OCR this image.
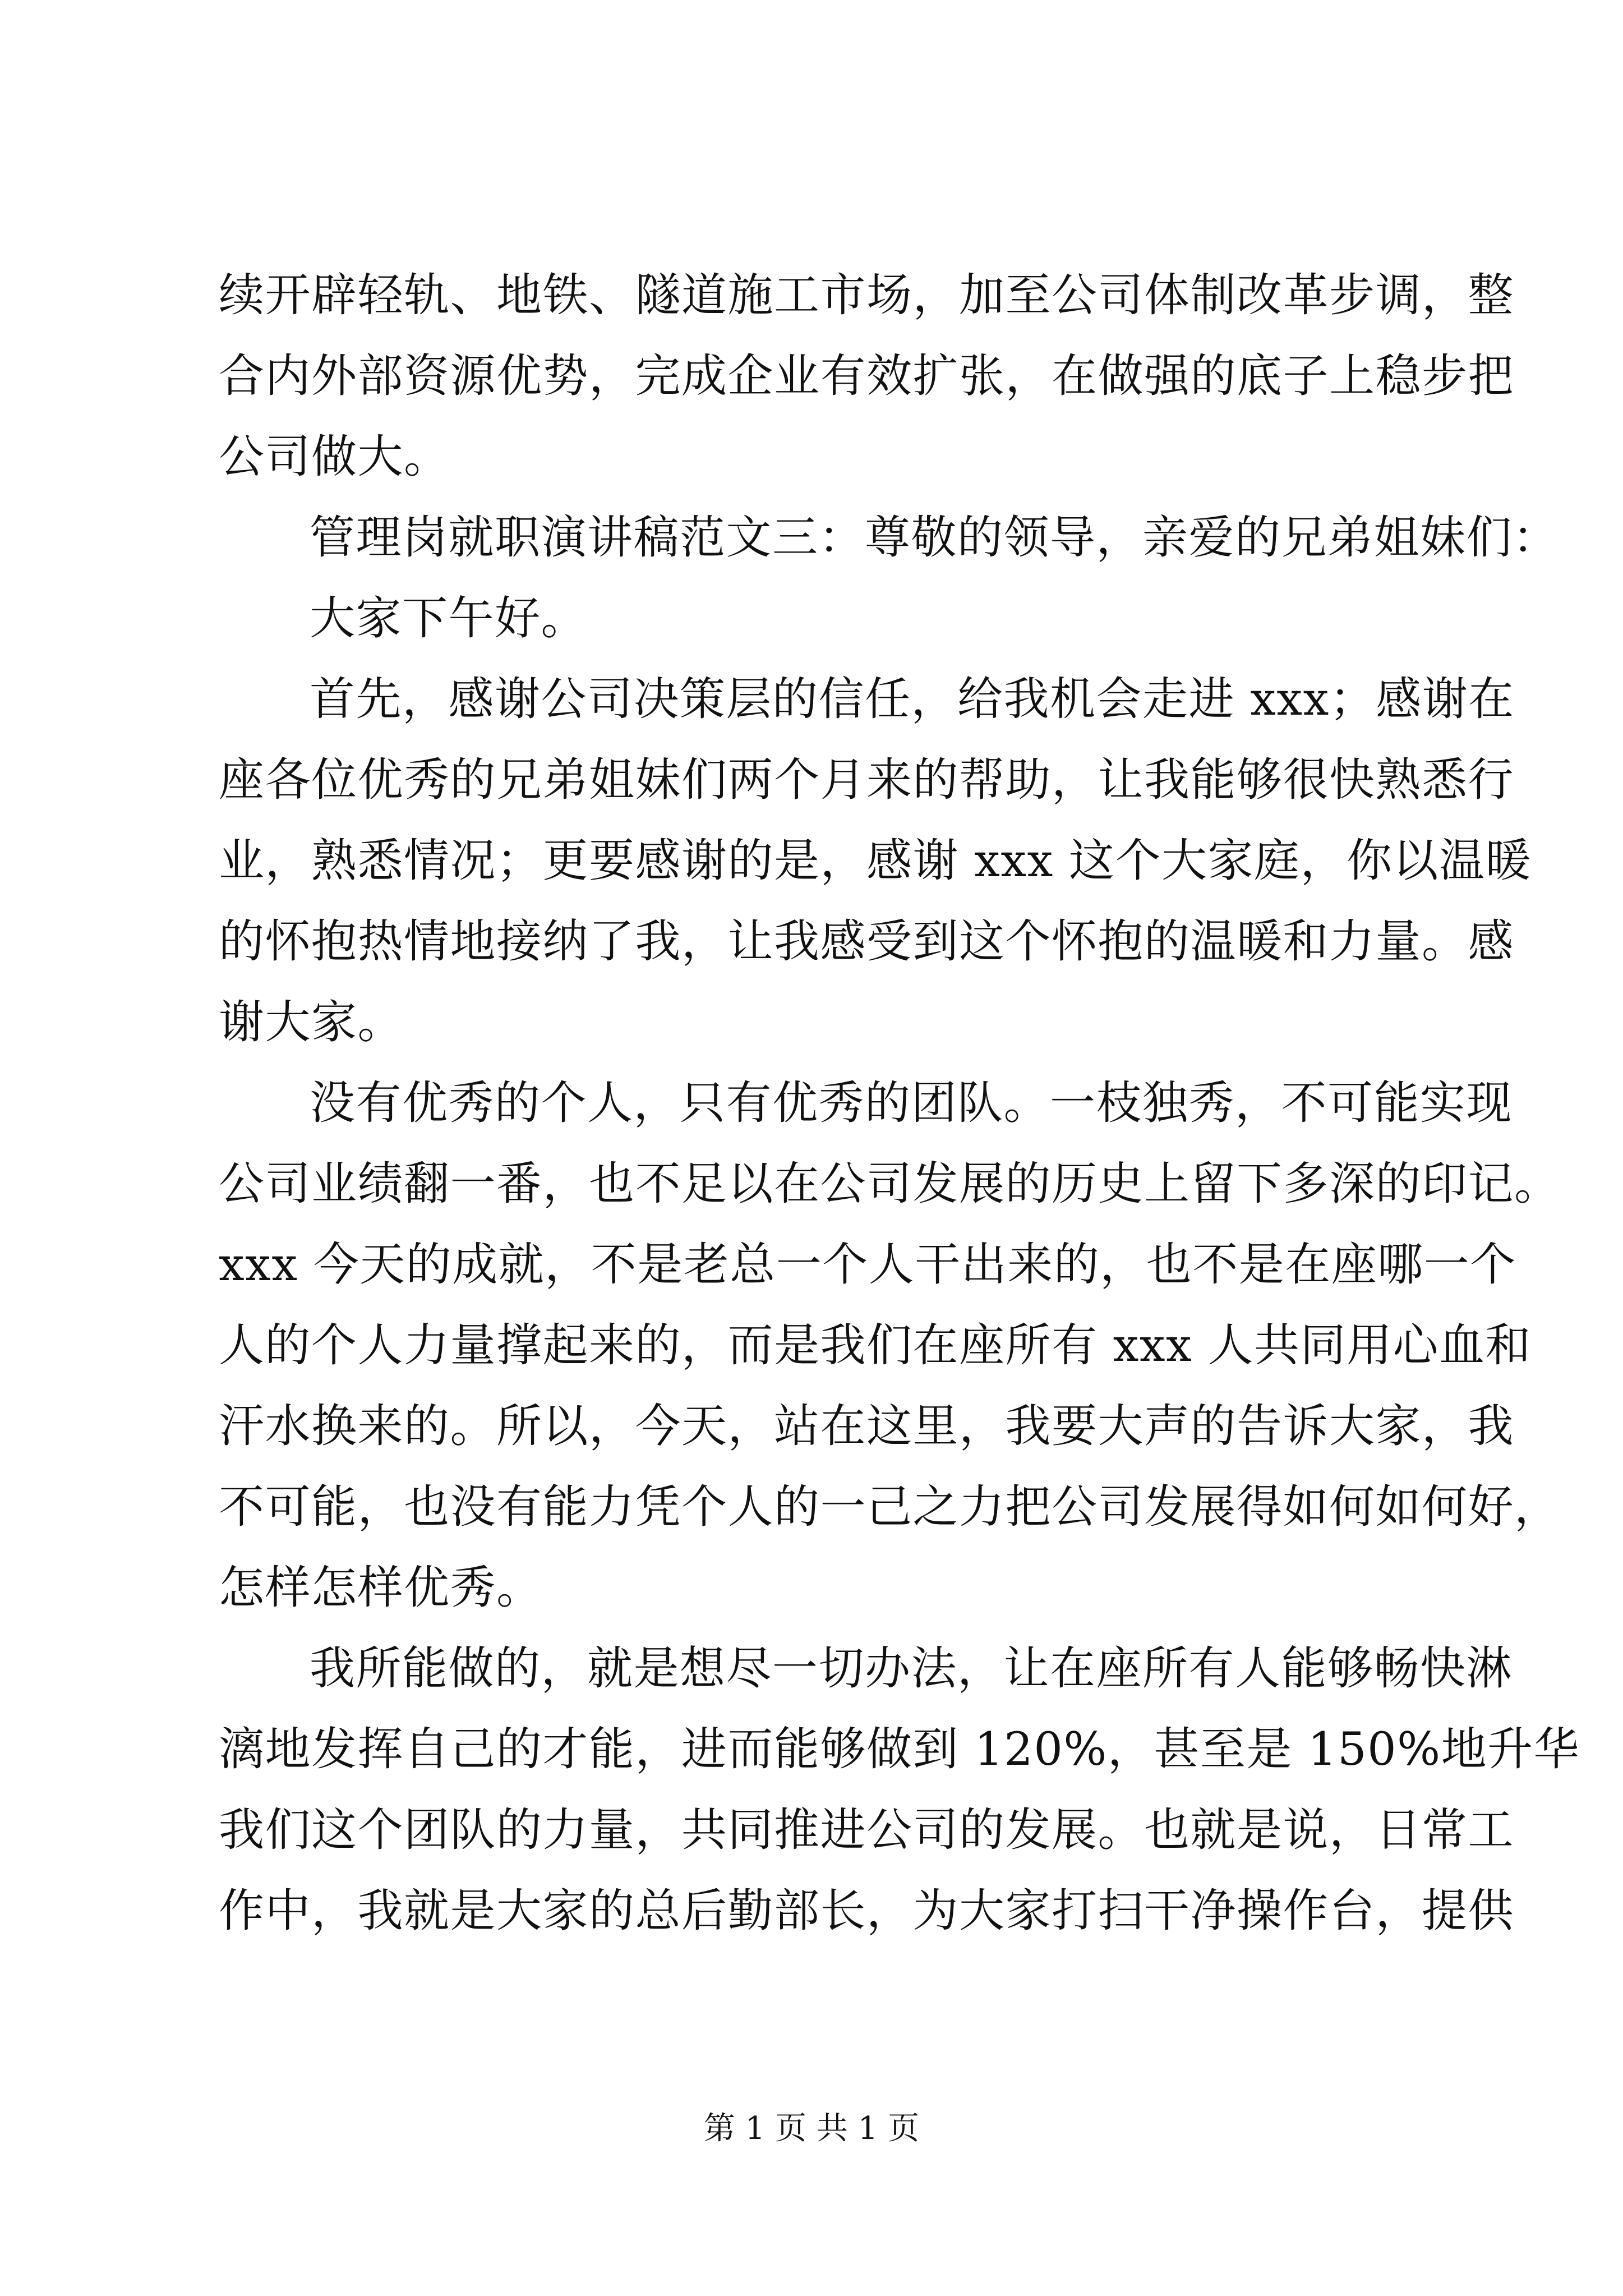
续开辟轻轨、地铁、隧道施工市场，加至公司体制改革步调，整
合内外部资源优势，完成企业有效扩张，在做强的底子上稳步把
公司做大。
管理岗就职演讲稿范文三：尊敬的领导，亲爱的兄弟姐妹们：
大家下午好。
首先，感谢公司决策层的信任，给我机会走进 xxx；感谢在
座各位优秀的兄弟姐妹们两个月来的帮助，让我能够很快熟悉行
业，熟悉情况；更要感谢的是，感谢 xxx 这个大家庭，你以温暖
的怀抱热情地接纳了我，让我感受到这个怀抱的温暖和力量。感
谢大家。
没有优秀的个人，只有优秀的团队。一枝独秀，不可能实现
公司业绩翻一番，也不足以在公司发展的历史上留下多深的印记。
xxx 今天的成就，不是老总一个人干出来的，也不是在座哪一个
人的个人力量撑起来的，而是我们在座所有 xxx 人共同用心血和
汗水换来的。所以，今天，站在这里，我要大声的告诉大家，我
不可能，也没有能力凭个人的一己之力把公司发展得如何如何好，
怎样怎样优秀。
我所能做的，就是想尽一切办法，让在座所有人能够畅快淋
漓地发挥自己的才能，进而能够做到 120%，甚至是 150%地升华
我们这个团队的力量，共同推进公司的发展。也就是说，日常工
作中，我就是大家的总后勤部长，为大家打扫干净操作台，提供
第 1 页 共 1 页
